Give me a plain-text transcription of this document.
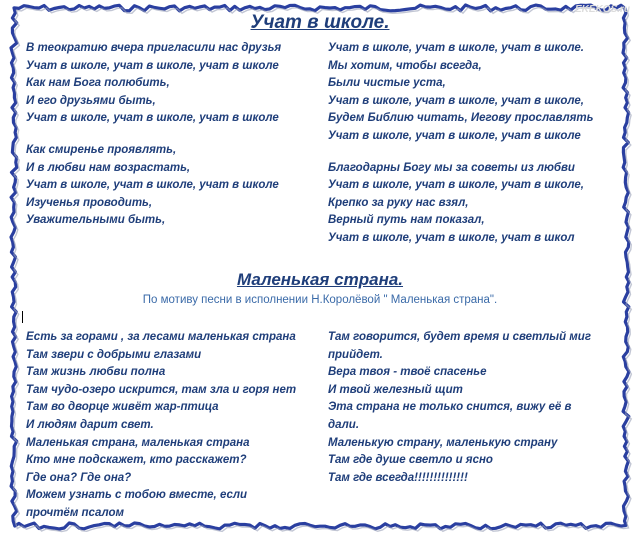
EKEKOS.ru
Учат в школе.
В теократию вчера пригласили нас друзья
Учат в школе, учат в школе, учат в школе
Как нам Бога полюбить,
И его друзьями быть,
Учат в школе, учат в школе, учат в школе
Как смиренье проявлять,
И в любви нам возрастать,
Учат в школе, учат в школе, учат в школе
Изученья проводить,
Уважительными быть,
Учат в школе, учат в школе, учат в школе.
Мы хотим, чтобы всегда,
Были чистые уста,
Учат в школе, учат в школе, учат в школе,
Будем Библию читать, Иегову прославлять
Учат в школе, учат в школе, учат в школе
Благодарны Богу мы за советы из любви
Учат в школе, учат в школе, учат в школе,
Крепко за руку нас взял,
Верный путь нам показал,
Учат в школе, учат в школе, учат в школ
Маленькая страна.
По мотиву песни в исполнении Н.Королёвой " Маленькая страна".
Есть за горами , за лесами маленькая страна
Там звери с добрыми глазами
Там жизнь любви полна
Там чудо-озеро искрится, там зла и горя нет
Там во дворце живёт жар-птица
И людям дарит свет.
Маленькая страна, маленькая страна
Кто мне подскажет, кто расскажет?
Где она? Где она?
Можем узнать с тобою вместе, если
прочтём псалом
Там говорится, будет время и светлый миг
прийдет.
Вера твоя - твоё спасенье
И твой железный щит
Эта страна не только снится, вижу её в
дали.
Маленькую страну, маленькую страну
Там где душе светло и ясно
Там где всегда!!!!!!!!!!!!!!
